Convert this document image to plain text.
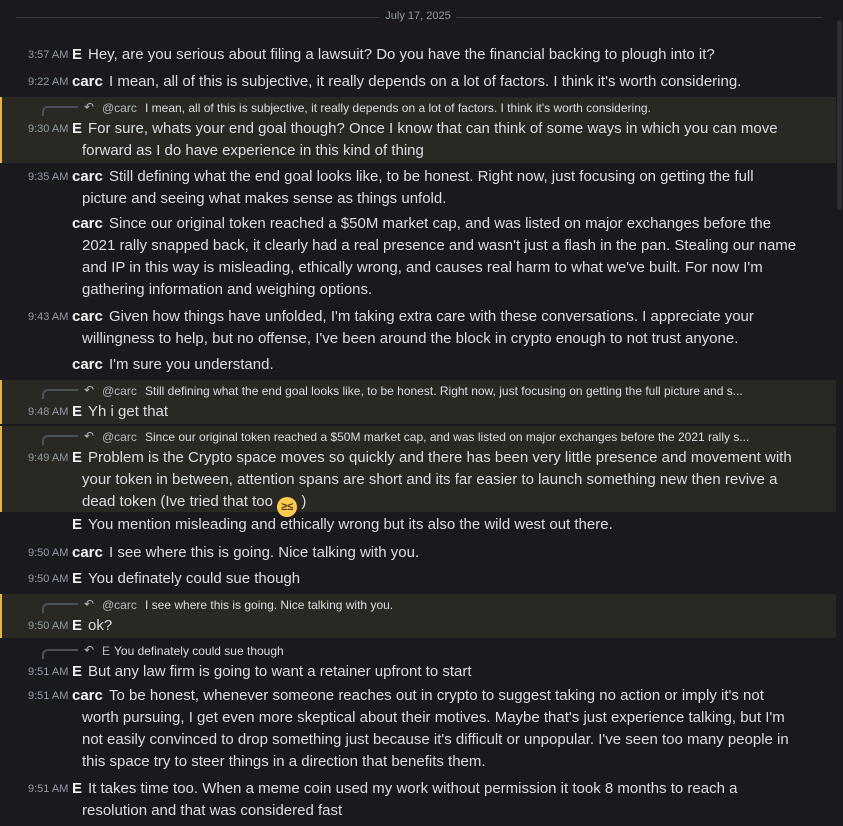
July 17, 2025
3:57 AM E Hey, are you serious about filing a lawsuit? Do you have the financial backing to plough into it?
9:22 AM carc I mean, all of this is subjective, it really depends on a lot of factors. I think it's worth considering.
↶ @carc I mean, all of this is subjective, it really depends on a lot of factors. I think it's worth considering.
9:30 AM E For sure, whats your end goal though? Once I know that can think of some ways in which you can move
forward as I do have experience in this kind of thing
9:35 AM carc Still defining what the end goal looks like, to be honest. Right now, just focusing on getting the full
picture and seeing what makes sense as things unfold.
carc Since our original token reached a $50M market cap, and was listed on major exchanges before the
2021 rally snapped back, it clearly had a real presence and wasn't just a flash in the pan. Stealing our name
and IP in this way is misleading, ethically wrong, and causes real harm to what we've built. For now I'm
gathering information and weighing options.
9:43 AM carc Given how things have unfolded, I'm taking extra care with these conversations. I appreciate your
willingness to help, but no offense, I've been around the block in crypto enough to not trust anyone.
carc I'm sure you understand.
↶ @carc Still defining what the end goal looks like, to be honest. Right now, just focusing on getting the full picture and s...
9:48 AM E Yh i get that
↶ @carc Since our original token reached a $50M market cap, and was listed on major exchanges before the 2021 rally s...
9:49 AM E Problem is the Crypto space moves so quickly and there has been very little presence and movement with
your token in between, attention spans are short and its far easier to launch something new then revive a
dead token (Ive tried that too ≥≤ )
E You mention misleading and ethically wrong but its also the wild west out there.
9:50 AM carc I see where this is going. Nice talking with you.
9:50 AM E You definately could sue though
↶ @carc I see where this is going. Nice talking with you.
9:50 AM E ok?
↶ E You definately could sue though
9:51 AM E But any law firm is going to want a retainer upfront to start
9:51 AM carc To be honest, whenever someone reaches out in crypto to suggest taking no action or imply it's not
worth pursuing, I get even more skeptical about their motives. Maybe that's just experience talking, but I'm
not easily convinced to drop something just because it's difficult or unpopular. I've seen too many people in
this space try to steer things in a direction that benefits them.
9:51 AM E It takes time too. When a meme coin used my work without permission it took 8 months to reach a
resolution and that was considered fast
